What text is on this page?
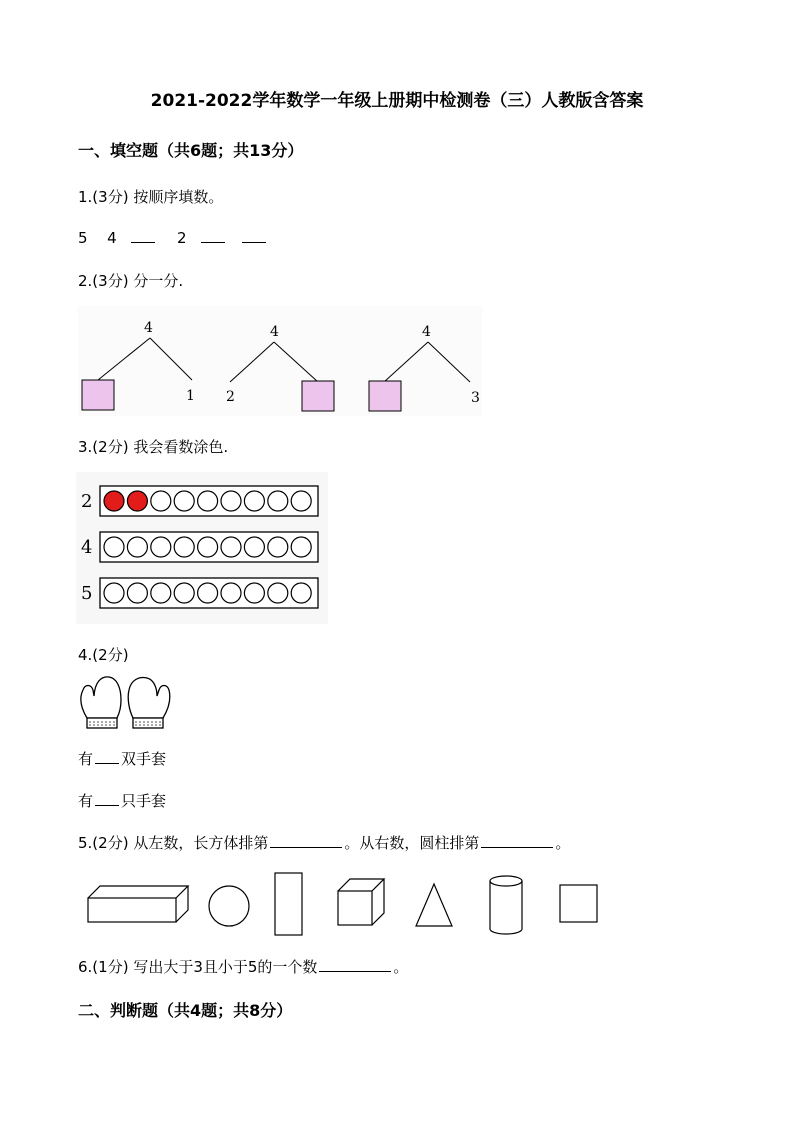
2021-2022学年数学一年级上册期中检测卷（三）人教版含答案
一、填空题（共6题；共13分）
1.(3分) 按顺序填数。
5 4	2
2.(3分) 分一分.
4
1
4
2
4
3
3.(2分) 我会看数涂色.
2
4
5
4.(2分)
有 双手套
有 只手套
5.(2分) 从左数，长方体排第	。从右数，圆柱排第	。
6.(1分) 写出大于3且小于5的一个数	。
二、判断题（共4题；共8分）
